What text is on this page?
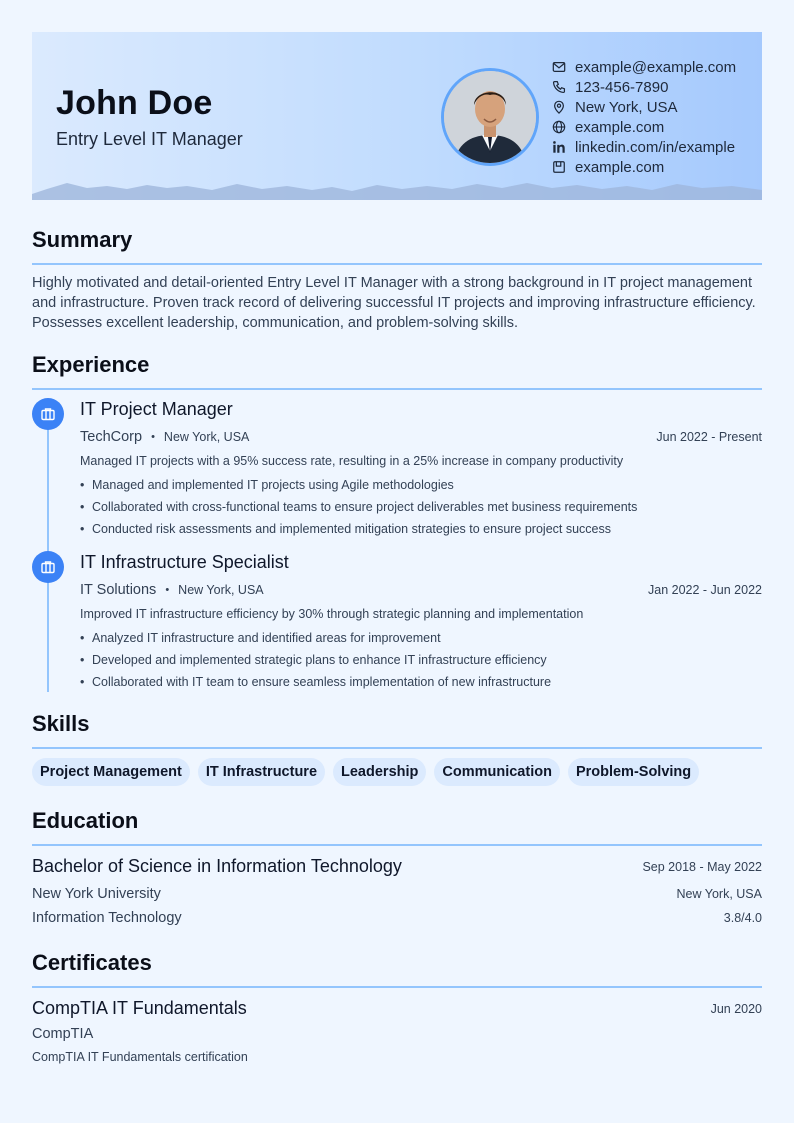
John Doe

Entry Level IT Manager

example@example.com
123-456-7890
New York, USA
example.com
linkedin.com/in/example
example.com
Summary
Highly motivated and detail-oriented Entry Level IT Manager with a strong background in IT project management
and infrastructure. Proven track record of delivering successful IT projects and improving infrastructure efficiency.
Possesses excellent leadership, communication, and problem-solving skills.
Experience
IT Project Manager
TechCorp • New York, USA	Jun 2022 - Present
Managed IT projects with a 95% success rate, resulting in a 25% increase in company productivity
• Managed and implemented IT projects using Agile methodologies
• Collaborated with cross-functional teams to ensure project deliverables met business requirements
• Conducted risk assessments and implemented mitigation strategies to ensure project success
IT Infrastructure Specialist
IT Solutions • New York, USA	Jan 2022 - Jun 2022
Improved IT infrastructure efficiency by 30% through strategic planning and implementation
• Analyzed IT infrastructure and identified areas for improvement
• Developed and implemented strategic plans to enhance IT infrastructure efficiency
• Collaborated with IT team to ensure seamless implementation of new infrastructure
Skills
Project Management	IT Infrastructure	Leadership	Communication	Problem-Solving
Education
Bachelor of Science in Information Technology	Sep 2018 - May 2022
New York University	New York, USA
Information Technology	3.8/4.0
Certificates
CompTIA IT Fundamentals	Jun 2020
CompTIA
CompTIA IT Fundamentals certification
